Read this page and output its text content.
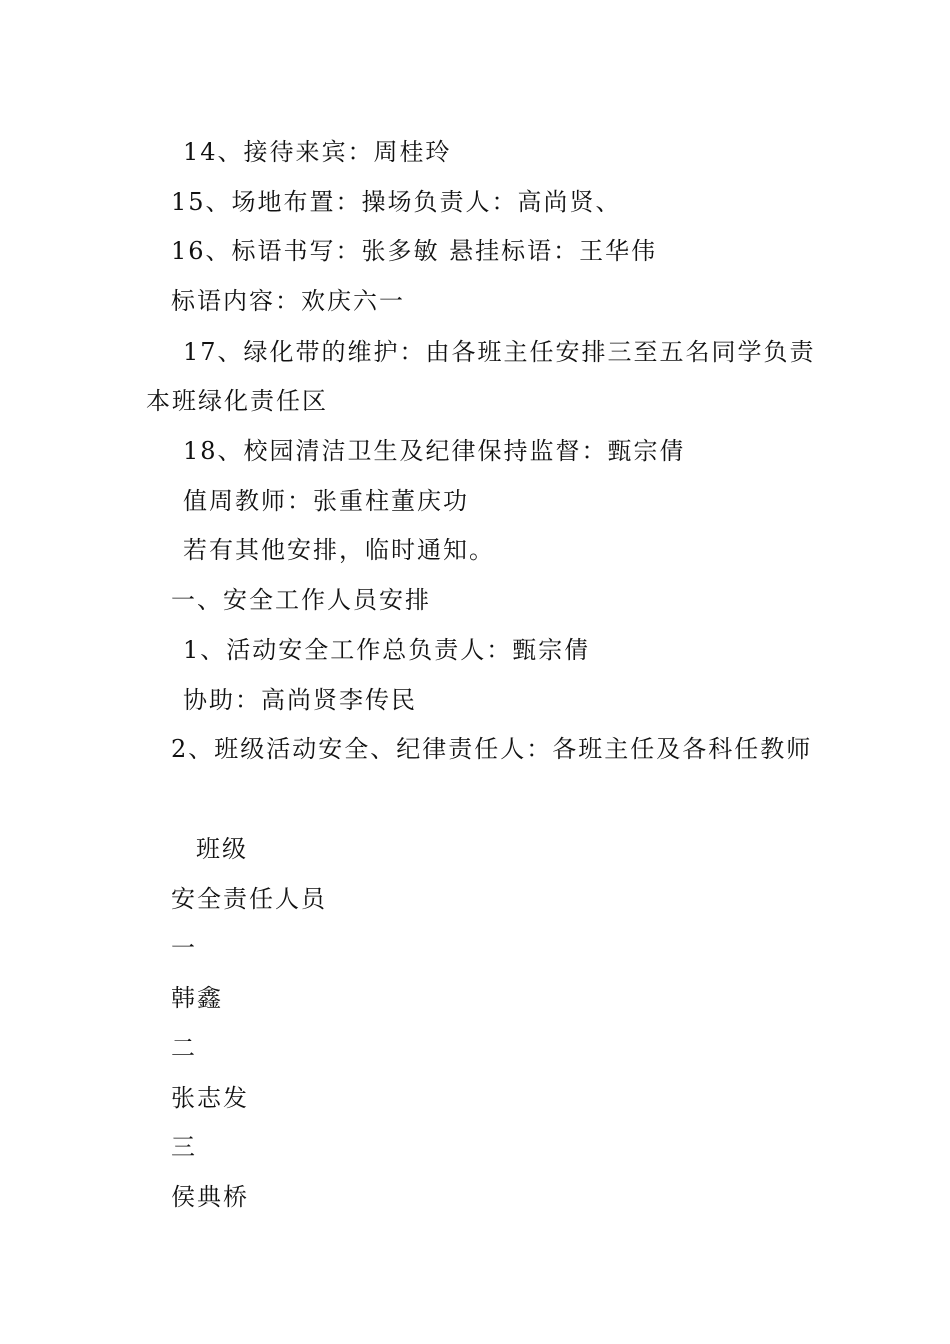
14、接待来宾：周桂玲
15、场地布置：操场负责人：高尚贤、
16、标语书写：张多敏 悬挂标语：王华伟
标语内容：欢庆六一
17、绿化带的维护：由各班主任安排三至五名同学负责
本班绿化责任区
18、校园清洁卫生及纪律保持监督：甄宗倩
值周教师：张重柱董庆功
若有其他安排，临时通知。
一、安全工作人员安排
1、活动安全工作总负责人：甄宗倩
协助：高尚贤李传民
2、班级活动安全、纪律责任人：各班主任及各科任教师
班级
安全责任人员
一
韩鑫
二
张志发
三
侯典桥
